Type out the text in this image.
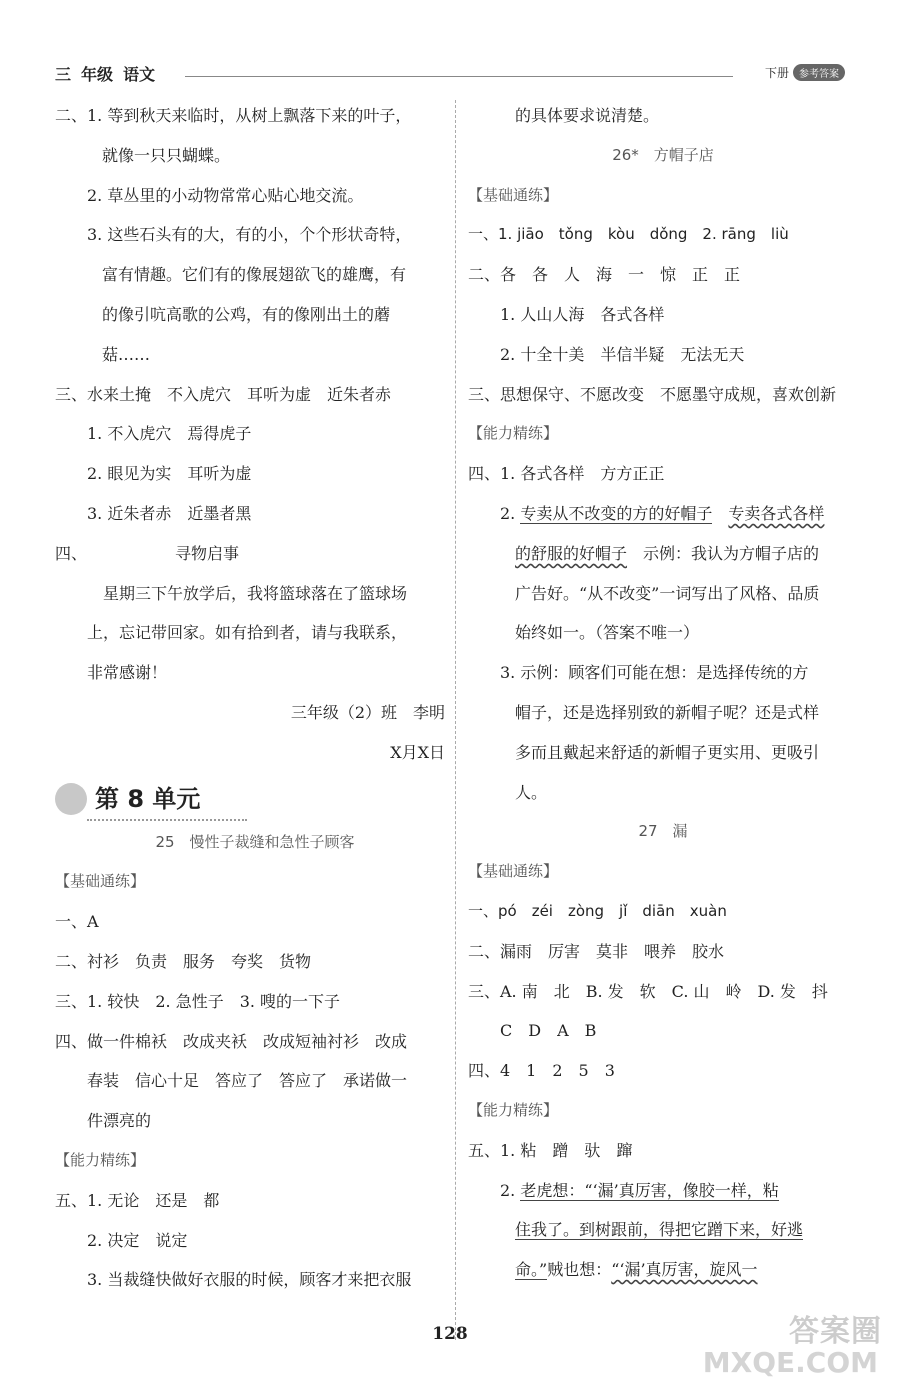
三 年级 语文	下册 参考答案
二、1. 等到秋天来临时，从树上飘落下来的叶子，
就像一只只蝴蝶。
2. 草丛里的小动物常常心贴心地交流。
3. 这些石头有的大，有的小，个个形状奇特，
富有情趣。它们有的像展翅欲飞的雄鹰，有
的像引吭高歌的公鸡，有的像刚出土的蘑
菇……
三、水来土掩　不入虎穴　耳听为虚　近朱者赤
1. 不入虎穴　焉得虎子
2. 眼见为实　耳听为虚
3. 近朱者赤　近墨者黑
四、　　　　　　寻物启事
　星期三下午放学后，我将篮球落在了篮球场
上，忘记带回家。如有拾到者，请与我联系，
非常感谢！
三年级（2）班　李明
X月X日
第 8 单元
25　慢性子裁缝和急性子顾客
【基础通练】
一、A
二、衬衫　负责　服务　夸奖　货物
三、1. 较快　2. 急性子　3. 嗖的一下子
四、做一件棉袄　改成夹袄　改成短袖衬衫　改成
春装　信心十足　答应了　答应了　承诺做一
件漂亮的
【能力精练】
五、1. 无论　还是　都
2. 决定　说定
3. 当裁缝快做好衣服的时候，顾客才来把衣服
的具体要求说清楚。
26*　方帽子店
【基础通练】
一、1. jiāo　tǒng　kòu　dǒng　2. rāng　liù
二、各　各　人　海　一　惊　正　正
1. 人山人海　各式各样
2. 十全十美　半信半疑　无法无天
三、思想保守、不愿改变　不愿墨守成规，喜欢创新
【能力精练】
四、1. 各式各样　方方正正
2. 专卖从不改变的方的好帽子　 专卖各式各样
的舒服的好帽子　示例：我认为方帽子店的
广告好。“从不改变”一词写出了风格、品质
始终如一。（答案不唯一）
3. 示例：顾客们可能在想：是选择传统的方
帽子，还是选择别致的新帽子呢？还是式样
多而且戴起来舒适的新帽子更实用、更吸引
人。
27　漏
【基础通练】
一、pó　zéi　zòng　jǐ　diān　xuàn
二、漏雨　厉害　莫非　喂养　胶水
三、A. 南　北　B. 发　软　C. 山　岭　D. 发　抖
C　D　A　B
四、4　1　2　5　3
【能力精练】
五、1. 粘　蹭　驮　蹿
2. 老虎想：“‘漏’真厉害，像胶一样，粘
住我了。到树跟前，得把它蹭下来，好逃
命。”贼也想：“‘漏’真厉害，旋风一
128	答案圈
MXQE.COM
